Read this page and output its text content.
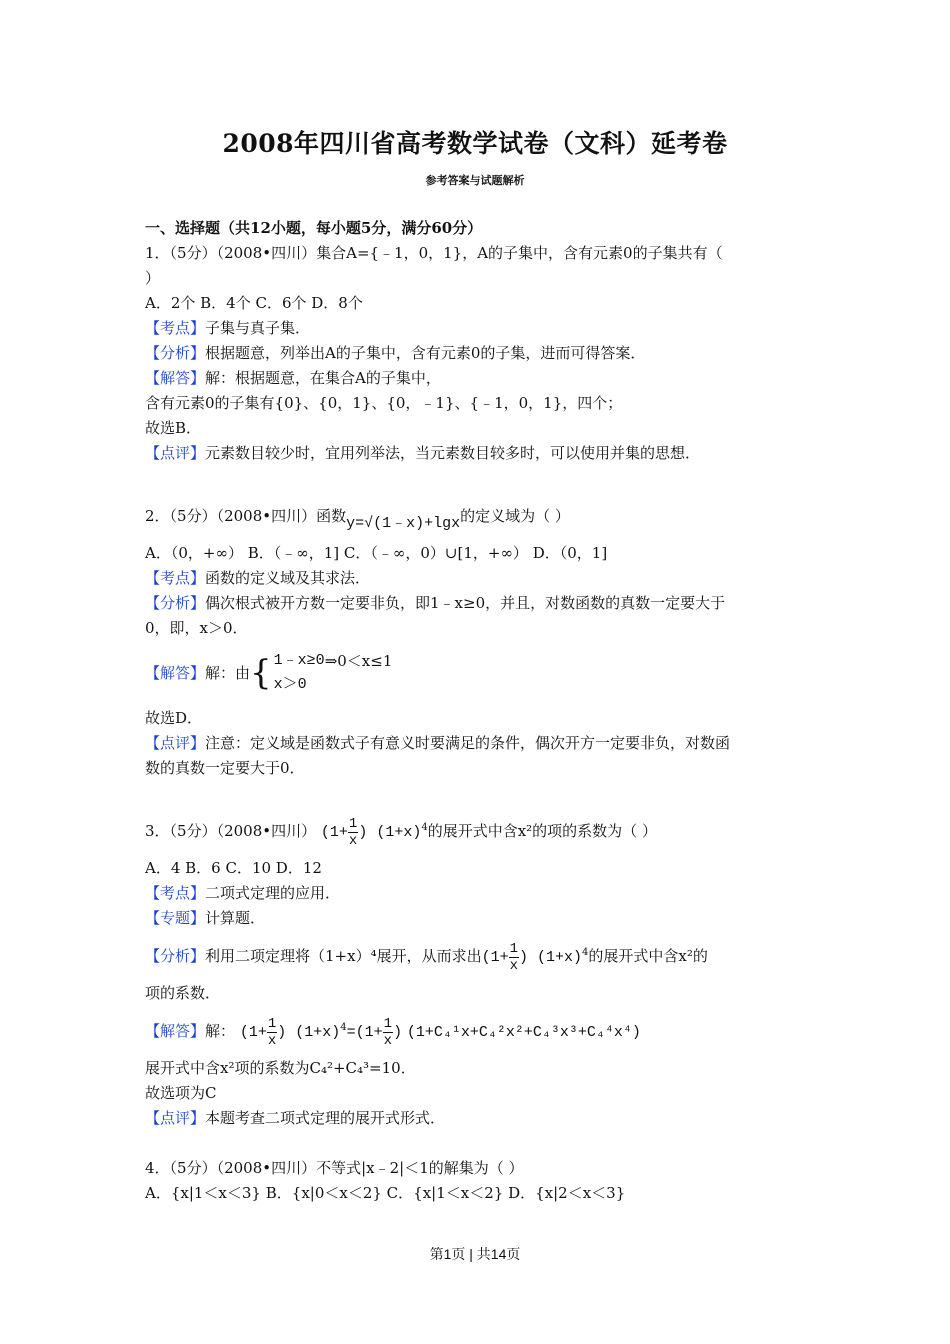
2008年四川省高考数学试卷（文科）延考卷
参考答案与试题解析
一、选择题（共12小题，每小题5分，满分60分）
1．（5分）（2008•四川）集合A={﹣1，0，1}，A的子集中，含有元素0的子集共有（
）
A．2个 B．4个 C．6个 D．8个
【考点】子集与真子集．
【分析】根据题意，列举出A的子集中，含有元素0的子集，进而可得答案．
【解答】解：根据题意，在集合A的子集中，
含有元素0的子集有{0}、{0，1}、{0，﹣1}、{﹣1，0，1}，四个；
故选B．
【点评】元素数目较少时，宜用列举法，当元素数目较多时，可以使用并集的思想．
2．（5分）（2008•四川）函数y=√(1﹣x)+lgx的定义域为（ ）
A．（0，+∞） B．（﹣∞，1] C．（﹣∞，0）∪[1，+∞） D．（0，1]
【考点】函数的定义域及其求法．
【分析】偶次根式被开方数一定要非负，即1﹣x≥0，并且，对数函数的真数一定要大于
0，即，x＞0．
【解答】 解：由 { 1﹣x≥0
x＞0
⇒0＜x≤1
故选D．
【点评】注意：定义域是函数式子有意义时要满足的条件，偶次开方一定要非负，对数函
数的真数一定要大于0．
3．（5分）（2008•四川） ($1+ \frac{1}{x}$ ) $(1+x)^4$的展开式中含x²的项的系数为（ ）
A．4 B．6 C．10 D．12
【考点】二项式定理的应用．
【专题】计算题．
【分析】利用二项定理将（1+x）⁴展开，从而求出($1+ \frac{1}{x}$ ) $(1+x)^4$的展开式中含x²的
项的系数．
【解答】解： ($1+ \frac{1}{x}$ ) $(1+x)^4=(1+ \frac{1}{x}$ ) (1+C₄¹x+C₄²x²+C₄³x³+C₄⁴x⁴)
展开式中含x²项的系数为C₄²+C₄³=10．
故选项为C
【点评】本题考查二项式定理的展开式形式．
4．（5分）（2008•四川）不等式|x﹣2|＜1的解集为（ ）
A．{x|1＜x＜3} B．{x|0＜x＜2} C．{x|1＜x＜2} D．{x|2＜x＜3}
第1页 | 共14页
